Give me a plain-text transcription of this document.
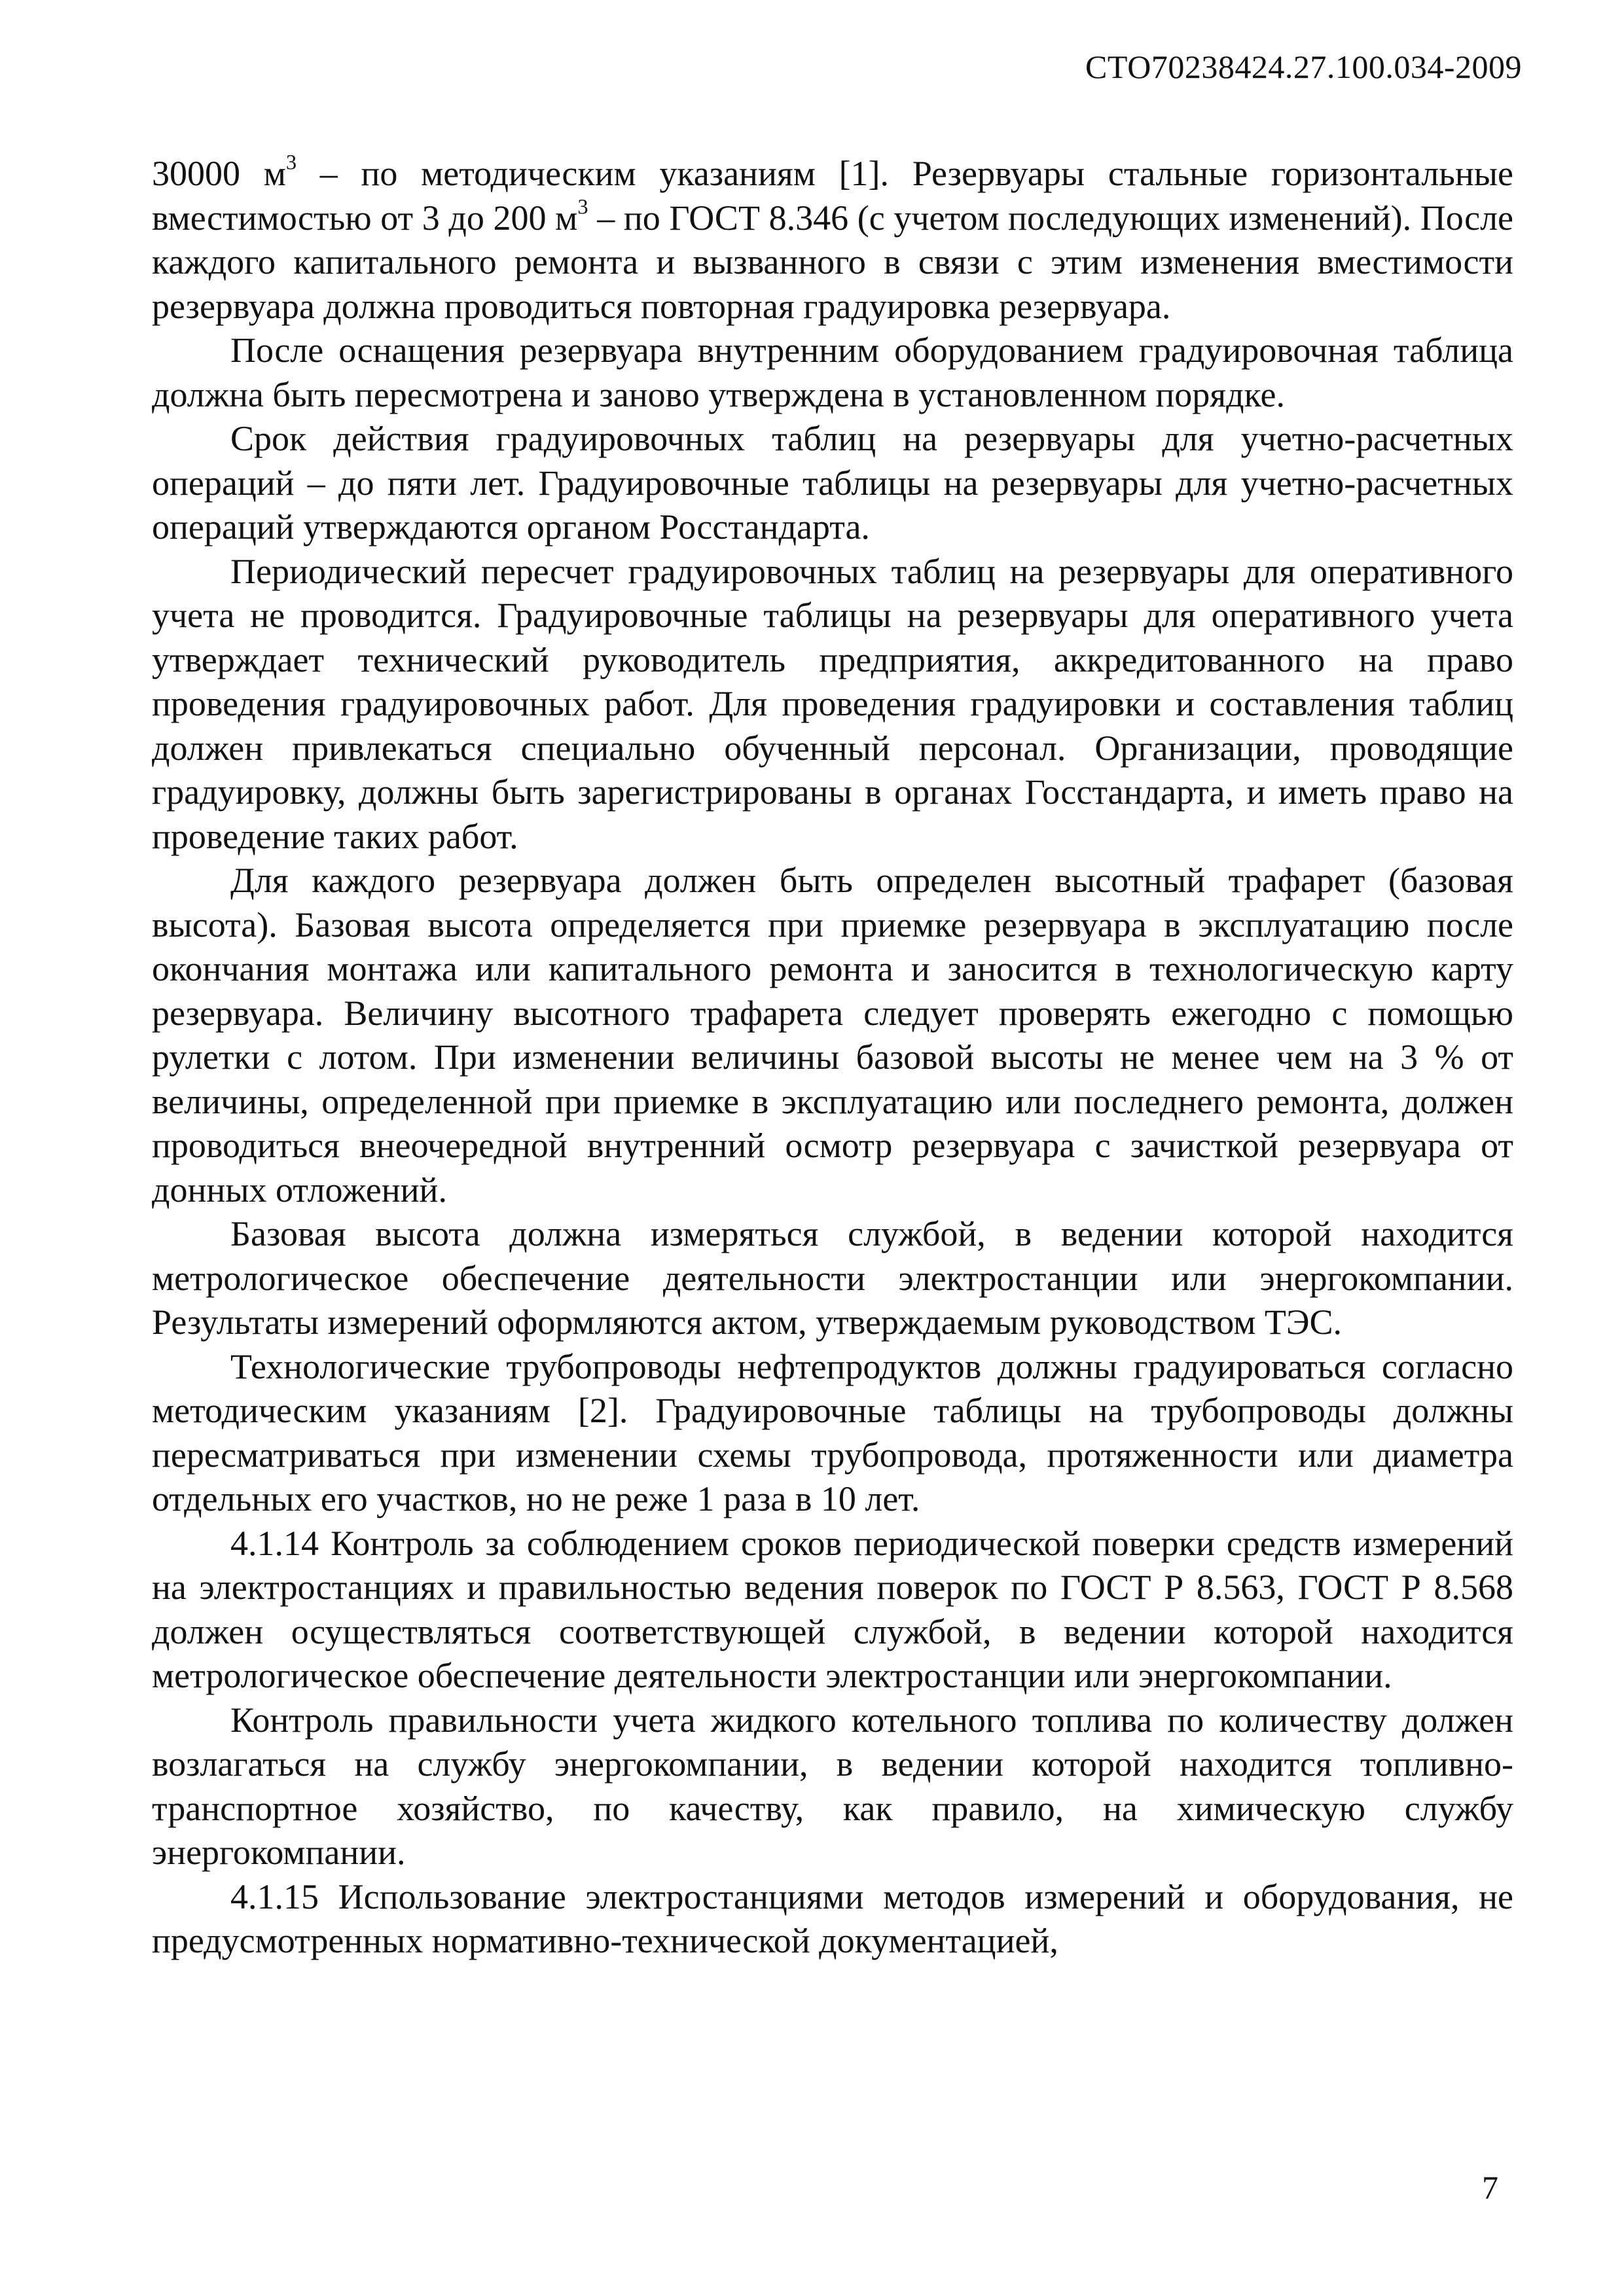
СТО70238424.27.100.034-2009

30000 $м^3$ – по методическим указаниям [1]. Резервуары стальные горизонтальные вместимостью от 3 до 200 $м^3$ – по ГОСТ 8.346 (с учетом последующих изменений). После каждого капитального ремонта и вызванного в связи с этим изменения вместимости резервуара должна проводиться повторная градуировка резервуара.

После оснащения резервуара внутренним оборудованием градуировочная таблица должна быть пересмотрена и заново утверждена в установленном порядке.

Срок действия градуировочных таблиц на резервуары для учетно-расчетных операций – до пяти лет. Градуировочные таблицы на резервуары для учетно-расчетных операций утверждаются органом Росстандарта.

Периодический пересчет градуировочных таблиц на резервуары для оперативного учета не проводится. Градуировочные таблицы на резервуары для оперативного учета утверждает технический руководитель предприятия, аккредитованного на право проведения градуировочных работ. Для проведения градуировки и составления таблиц должен привлекаться специально обученный персонал. Организации, проводящие градуировку, должны быть зарегистрированы в органах Госстандарта, и иметь право на проведение таких работ.

Для каждого резервуара должен быть определен высотный трафарет (базовая высота). Базовая высота определяется при приемке резервуара в эксплуатацию после окончания монтажа или капитального ремонта и заносится в технологическую карту резервуара. Величину высотного трафарета следует проверять ежегодно с помощью рулетки с лотом. При изменении величины базовой высоты не менее чем на 3 % от величины, определенной при приемке в эксплуатацию или последнего ремонта, должен проводиться внеочередной внутренний осмотр резервуара с зачисткой резервуара от донных отложений.

Базовая высота должна измеряться службой, в ведении которой находится метрологическое обеспечение деятельности электростанции или энергокомпании. Результаты измерений оформляются актом, утверждаемым руководством ТЭС.

Технологические трубопроводы нефтепродуктов должны градуироваться согласно методическим указаниям [2]. Градуировочные таблицы на трубопроводы должны пересматриваться при изменении схемы трубопровода, протяженности или диаметра отдельных его участков, но не реже 1 раза в 10 лет.

4.1.14 Контроль за соблюдением сроков периодической поверки средств измерений на электростанциях и правильностью ведения поверок по ГОСТ Р 8.563, ГОСТ Р 8.568 должен осуществляться соответствующей службой, в ведении которой находится метрологическое обеспечение деятельности электростанции или энергокомпании.

Контроль правильности учета жидкого котельного топлива по количеству должен возлагаться на службу энергокомпании, в ведении которой находится топливно-транспортное хозяйство, по качеству, как правило, на химическую службу энергокомпании.

4.1.15 Использование электростанциями методов измерений и оборудования, не предусмотренных нормативно-технической документацией,

7
